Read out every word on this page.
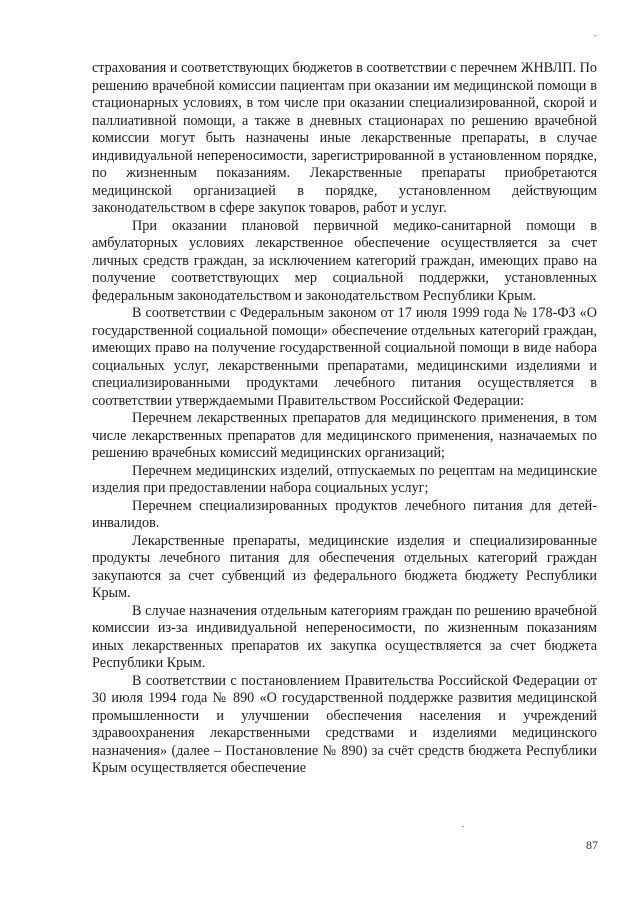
страхования и соответствующих бюджетов в соответствии с перечнем ЖНВЛП. По решению врачебной комиссии пациентам при оказании им медицинской помощи в стационарных условиях, в том числе при оказании специализированной, скорой и паллиативной помощи, а также в дневных стационарах по решению врачебной комиссии могут быть назначены иные лекарственные препараты, в случае индивидуальной непереносимости, зарегистрированной в установленном порядке, по жизненным показаниям. Лекарственные препараты приобретаются медицинской организацией в порядке, установленном действующим законодательством в сфере закупок товаров, работ и услуг.

При оказании плановой первичной медико-санитарной помощи в амбулаторных условиях лекарственное обеспечение осуществляется за счет личных средств граждан, за исключением категорий граждан, имеющих право на получение соответствующих мер социальной поддержки, установленных федеральным законодательством и законодательством Республики Крым.

В соответствии с Федеральным законом от 17 июля 1999 года № 178-ФЗ «О государственной социальной помощи» обеспечение отдельных категорий граждан, имеющих право на получение государственной социальной помощи в виде набора социальных услуг, лекарственными препаратами, медицинскими изделиями и специализированными продуктами лечебного питания осуществляется в соответствии утверждаемыми Правительством Российской Федерации:

Перечнем лекарственных препаратов для медицинского применения, в том числе лекарственных препаратов для медицинского применения, назначаемых по решению врачебных комиссий медицинских организаций;

Перечнем медицинских изделий, отпускаемых по рецептам на медицинские изделия при предоставлении набора социальных услуг;

Перечнем специализированных продуктов лечебного питания для детей-инвалидов.

Лекарственные препараты, медицинские изделия и специализированные продукты лечебного питания для обеспечения отдельных категорий граждан закупаются за счет субвенций из федерального бюджета бюджету Республики Крым.

В случае назначения отдельным категориям граждан по решению врачебной комиссии из-за индивидуальной непереносимости, по жизненным показаниям иных лекарственных препаратов их закупка осуществляется за счет бюджета Республики Крым.

В соответствии с постановлением Правительства Российской Федерации от 30 июля 1994 года № 890 «О государственной поддержке развития медицинской промышленности и улучшении обеспечения населения и учреждений здравоохранения лекарственными средствами и изделиями медицинского назначения» (далее – Постановление № 890) за счёт средств бюджета Республики Крым осуществляется обеспечение

87
